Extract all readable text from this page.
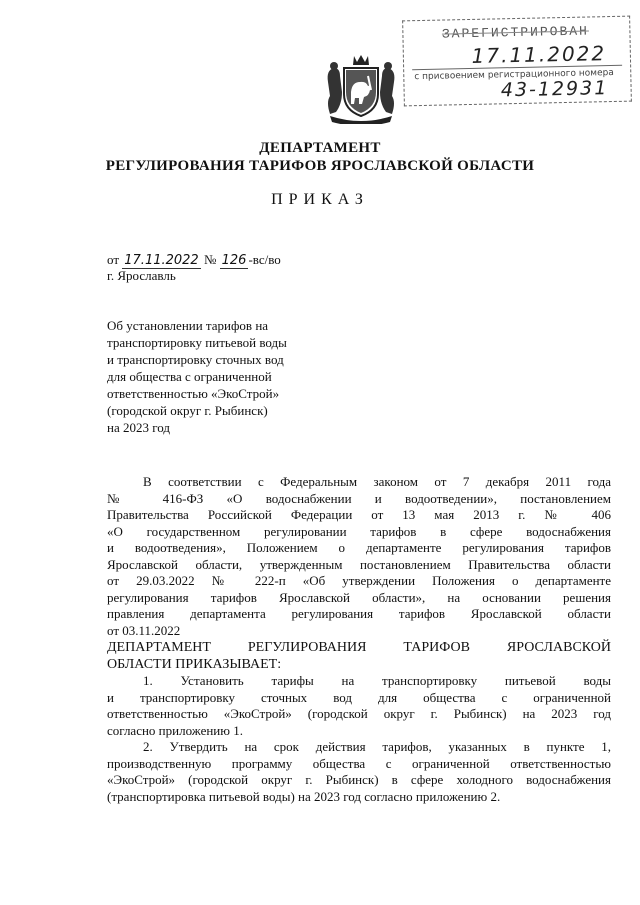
ЗАРЕГИСТРИРОВАН
17.11.2022
с присвоением регистрационного номера
43-12931
ДЕПАРТАМЕНТ
РЕГУЛИРОВАНИЯ ТАРИФОВ ЯРОСЛАВСКОЙ ОБЛАСТИ
ПРИКАЗ
от 17.11.2022 № 126 -вс/во
г. Ярославль
Об установлении тарифов на
транспортировку питьевой воды
и транспортировку сточных вод
для общества с ограниченной
ответственностью «ЭкоСтрой»
(городской округ г. Рыбинск)
на 2023 год
В соответствии с Федеральным законом от 7 декабря 2011 года
№ 416-ФЗ «О водоснабжении и водоотведении», постановлением
Правительства Российской Федерации от 13 мая 2013 г. № 406
«О государственном регулировании тарифов в сфере водоснабжения
и водоотведения», Положением о департаменте регулирования тарифов
Ярославской области, утвержденным постановлением Правительства области
от 29.03.2022 № 222-п «Об утверждении Положения о департаменте
регулирования тарифов Ярославской области», на основании решения
правления департамента регулирования тарифов Ярославской области
от 03.11.2022
ДЕПАРТАМЕНТ РЕГУЛИРОВАНИЯ ТАРИФОВ ЯРОСЛАВСКОЙ
ОБЛАСТИ ПРИКАЗЫВАЕТ:
1. Установить тарифы на транспортировку питьевой воды
и транспортировку сточных вод для общества с ограниченной
ответственностью «ЭкоСтрой» (городской округ г. Рыбинск) на 2023 год
согласно приложению 1.
2. Утвердить на срок действия тарифов, указанных в пункте 1,
производственную программу общества с ограниченной ответственностью
«ЭкоСтрой» (городской округ г. Рыбинск) в сфере холодного водоснабжения
(транспортировка питьевой воды) на 2023 год согласно приложению 2.
